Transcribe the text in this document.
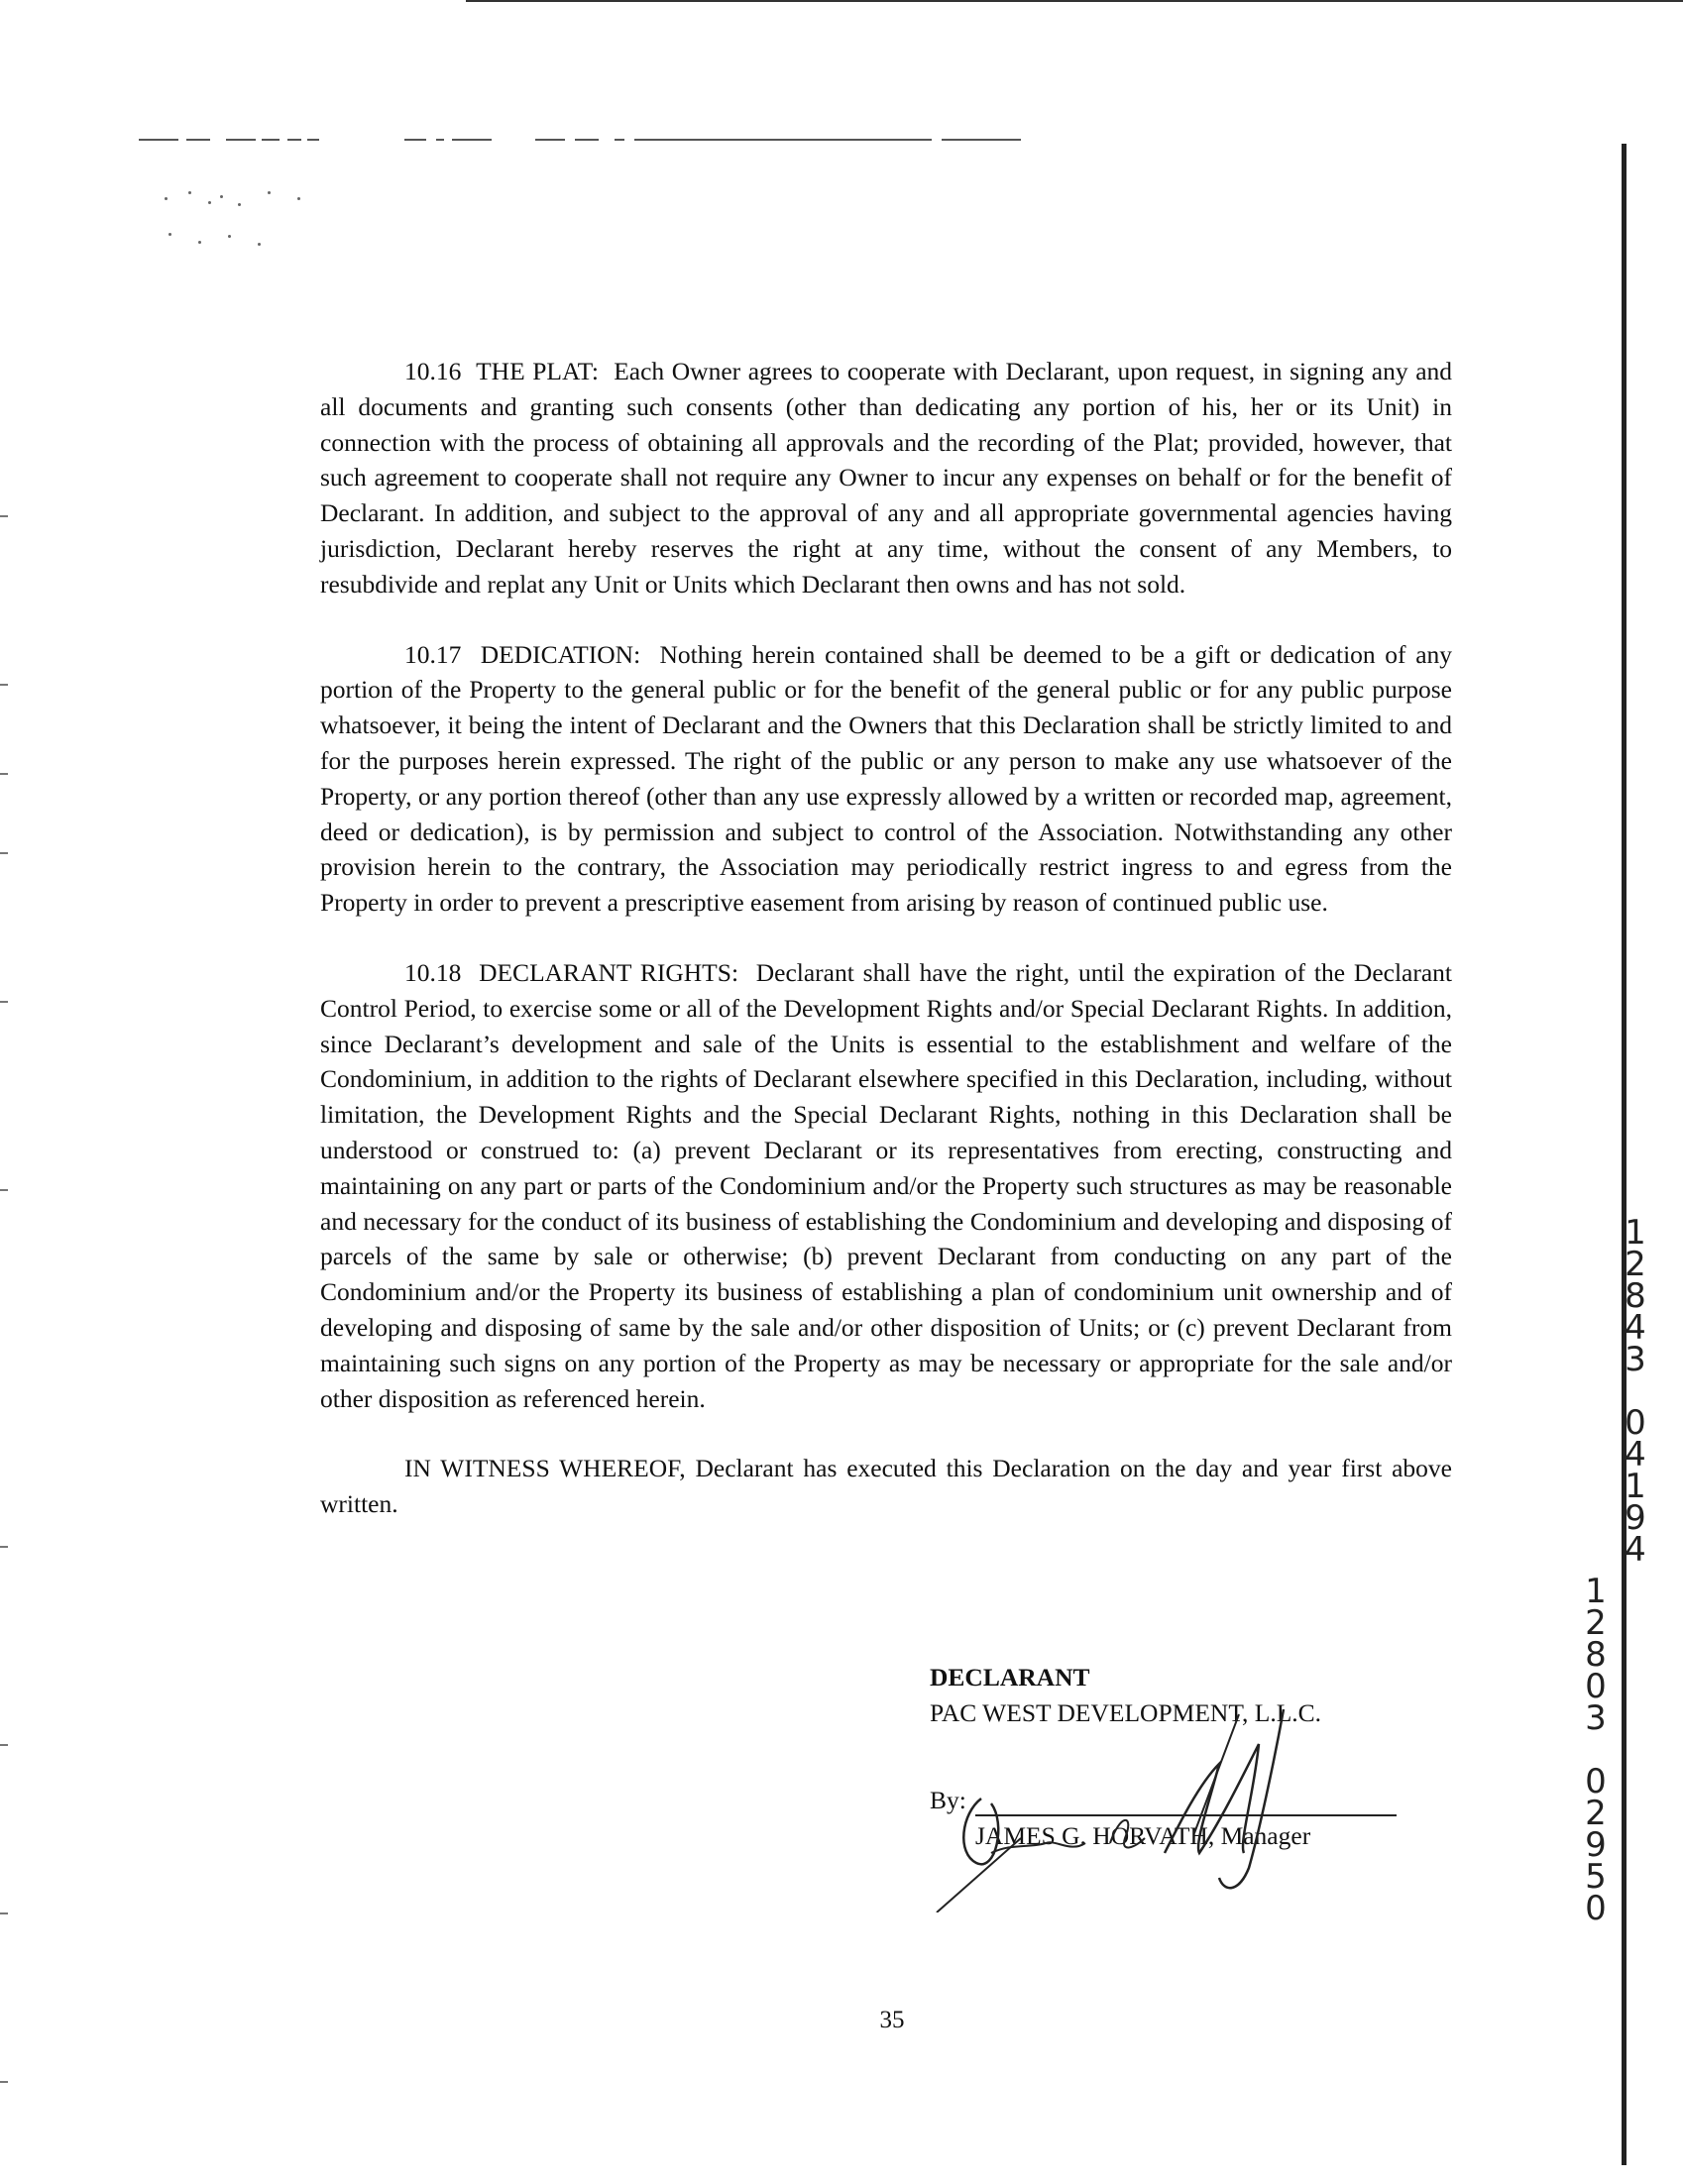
10.16 THE PLAT: Each Owner agrees to cooperate with Declarant, upon request, in signing any and all documents and granting such consents (other than dedicating any portion of his, her or its Unit) in connection with the process of obtaining all approvals and the recording of the Plat; provided, however, that such agreement to cooperate shall not require any Owner to incur any expenses on behalf or for the benefit of Declarant. In addition, and subject to the approval of any and all appropriate governmental agencies having jurisdiction, Declarant hereby reserves the right at any time, without the consent of any Members, to resubdivide and replat any Unit or Units which Declarant then owns and has not sold.

10.17 DEDICATION: Nothing herein contained shall be deemed to be a gift or dedication of any portion of the Property to the general public or for the benefit of the general public or for any public purpose whatsoever, it being the intent of Declarant and the Owners that this Declaration shall be strictly limited to and for the purposes herein expressed. The right of the public or any person to make any use whatsoever of the Property, or any portion thereof (other than any use expressly allowed by a written or recorded map, agreement, deed or dedication), is by permission and subject to control of the Association. Notwithstanding any other provision herein to the contrary, the Association may periodically restrict ingress to and egress from the Property in order to prevent a prescriptive easement from arising by reason of continued public use.

10.18 DECLARANT RIGHTS: Declarant shall have the right, until the expiration of the Declarant Control Period, to exercise some or all of the Development Rights and/or Special Declarant Rights. In addition, since Declarant’s development and sale of the Units is essential to the establishment and welfare of the Condominium, in addition to the rights of Declarant elsewhere specified in this Declaration, including, without limitation, the Development Rights and the Special Declarant Rights, nothing in this Declaration shall be understood or construed to: (a) prevent Declarant or its representatives from erecting, constructing and maintaining on any part or parts of the Condominium and/or the Property such structures as may be reasonable and necessary for the conduct of its business of establishing the Condominium and developing and disposing of parcels of the same by sale or otherwise; (b) prevent Declarant from conducting on any part of the Condominium and/or the Property its business of establishing a plan of condominium unit ownership and of developing and disposing of same by the sale and/or other disposition of Units; or (c) prevent Declarant from maintaining such signs on any portion of the Property as may be necessary or appropriate for the sale and/or other disposition as referenced herein.

IN WITNESS WHEREOF, Declarant has executed this Declaration on the day and year first above written.

DECLARANT
PAC WEST DEVELOPMENT, L.L.C.
By:
JAMES G. HORVATH, Manager
35
1
2
8
4
3

0
4
1
9
4
1
2
8
0
3

0
2
9
5
0
